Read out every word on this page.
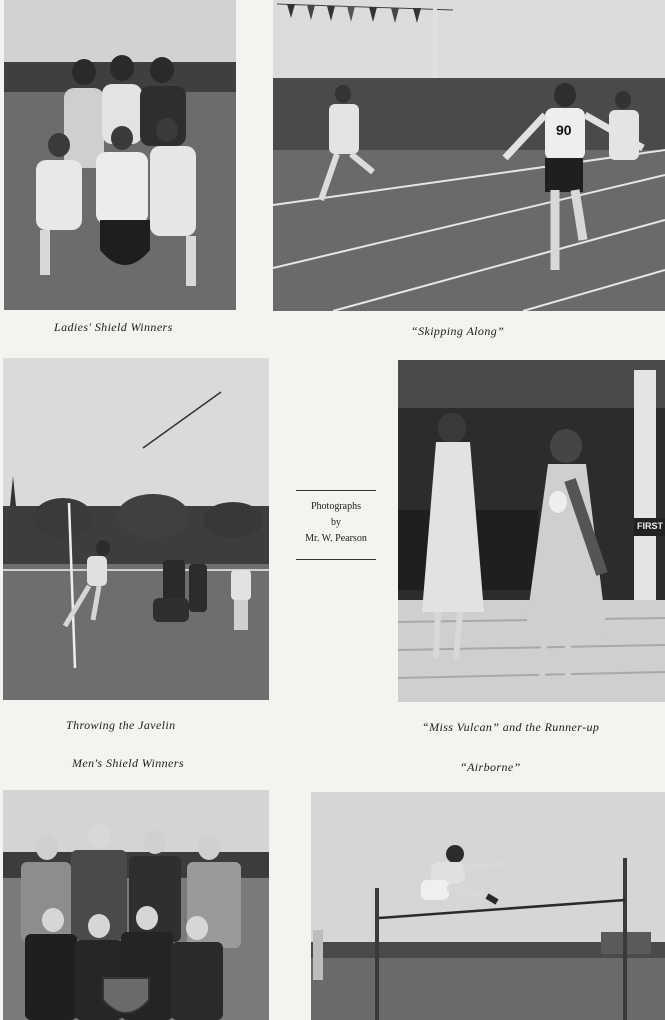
Ladies' Shield Winners
90
“Skipping Along”
Throwing the Javelin
Photographs
by
Mr. W. Pearson
FIRST
“Miss Vulcan” and the Runner-up
Men's Shield Winners	“Airborne”
